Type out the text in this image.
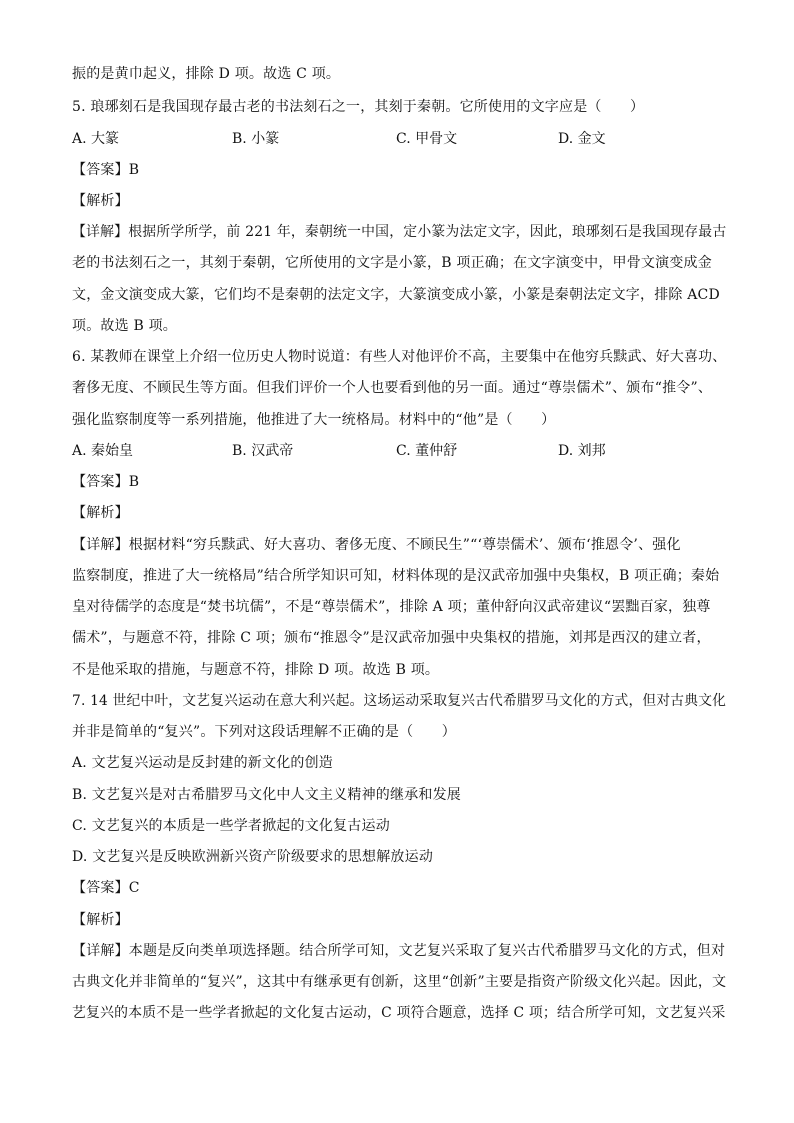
振的是黄巾起义，排除 D 项。故选 C 项。
5. 琅琊刻石是我国现存最古老的书法刻石之一，其刻于秦朝。它所使用的文字应是（　　）
A. 大篆	B. 小篆	C. 甲骨文	D. 金文
【答案】B
【解析】
【详解】根据所学所学，前 221 年，秦朝统一中国，定小篆为法定文字，因此，琅琊刻石是我国现存最古
老的书法刻石之一，其刻于秦朝，它所使用的文字是小篆，B 项正确；在文字演变中，甲骨文演变成金
文，金文演变成大篆，它们均不是秦朝的法定文字，大篆演变成小篆，小篆是秦朝法定文字，排除 ACD
项。故选 B 项。
6. 某教师在课堂上介绍一位历史人物时说道：有些人对他评价不高，主要集中在他穷兵黩武、好大喜功、
奢侈无度、不顾民生等方面。但我们评价一个人也要看到他的另一面。通过“尊崇儒术”、颁布“推令”、
强化监察制度等一系列措施，他推进了大一统格局。材料中的“他”是（　　）
A. 秦始皇	B. 汉武帝	C. 董仲舒	D. 刘邦
【答案】B
【解析】
【详解】根据材料“穷兵黩武、好大喜功、奢侈无度、不顾民生”“‘尊崇儒术’、颁布‘推恩令’、强化
监察制度，推进了大一统格局”结合所学知识可知，材料体现的是汉武帝加强中央集权，B 项正确；秦始
皇对待儒学的态度是“焚书坑儒”，不是“尊崇儒术”，排除 A 项；董仲舒向汉武帝建议“罢黜百家，独尊
儒术”，与题意不符，排除 C 项；颁布“推恩令”是汉武帝加强中央集权的措施，刘邦是西汉的建立者，
不是他采取的措施，与题意不符，排除 D 项。故选 B 项。
7. 14 世纪中叶，文艺复兴运动在意大利兴起。这场运动采取复兴古代希腊罗马文化的方式，但对古典文化
并非是简单的“复兴”。下列对这段话理解不正确的是（　　）
A. 文艺复兴运动是反封建的新文化的创造
B. 文艺复兴是对古希腊罗马文化中人文主义精神的继承和发展
C. 文艺复兴的本质是一些学者掀起的文化复古运动
D. 文艺复兴是反映欧洲新兴资产阶级要求的思想解放运动
【答案】C
【解析】
【详解】本题是反向类单项选择题。结合所学可知，文艺复兴采取了复兴古代希腊罗马文化的方式，但对
古典文化并非简单的“复兴”，这其中有继承更有创新，这里“创新”主要是指资产阶级文化兴起。因此，文
艺复兴的本质不是一些学者掀起的文化复古运动，C 项符合题意，选择 C 项；结合所学可知，文艺复兴采
